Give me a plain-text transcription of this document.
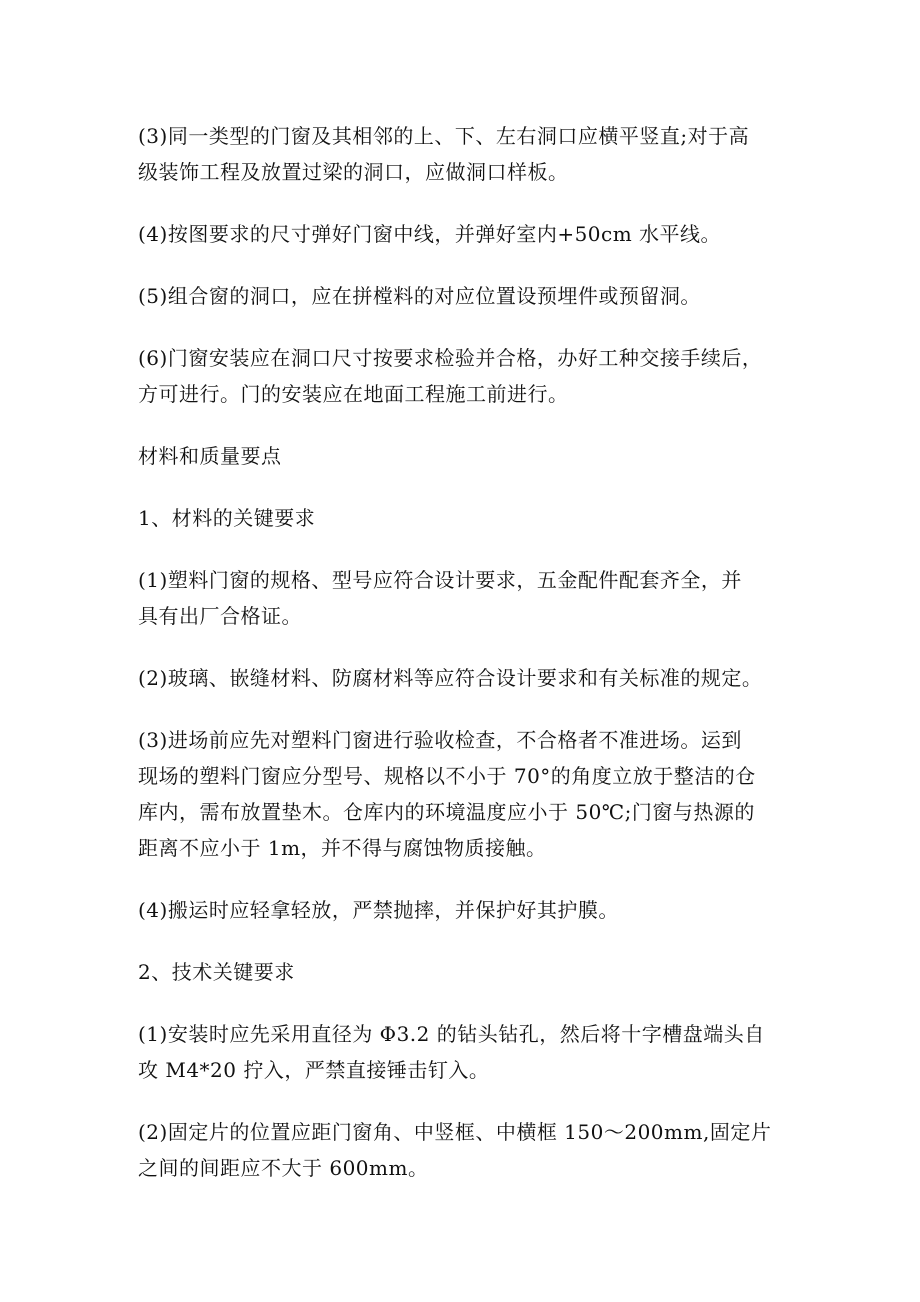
(3)同一类型的门窗及其相邻的上、下、左右洞口应横平竖直;对于高
级装饰工程及放置过梁的洞口，应做洞口样板。

(4)按图要求的尺寸弹好门窗中线，并弹好室内+50cm 水平线。

(5)组合窗的洞口，应在拼樘料的对应位置设预埋件或预留洞。

(6)门窗安装应在洞口尺寸按要求检验并合格，办好工种交接手续后，
方可进行。门的安装应在地面工程施工前进行。

材料和质量要点

1、材料的关键要求

(1)塑料门窗的规格、型号应符合设计要求，五金配件配套齐全，并
具有出厂合格证。

(2)玻璃、嵌缝材料、防腐材料等应符合设计要求和有关标准的规定。

(3)进场前应先对塑料门窗进行验收检查，不合格者不准进场。运到
现场的塑料门窗应分型号、规格以不小于 70°的角度立放于整洁的仓
库内，需布放置垫木。仓库内的环境温度应小于 50℃;门窗与热源的
距离不应小于 1m，并不得与腐蚀物质接触。

(4)搬运时应轻拿轻放，严禁抛摔，并保护好其护膜。

2、技术关键要求

(1)安装时应先采用直径为 Φ3.2 的钻头钻孔，然后将十字槽盘端头自
攻 M4*20 拧入，严禁直接锤击钉入。

(2)固定片的位置应距门窗角、中竖框、中横框 150～200mm,固定片
之间的间距应不大于 600mm。
